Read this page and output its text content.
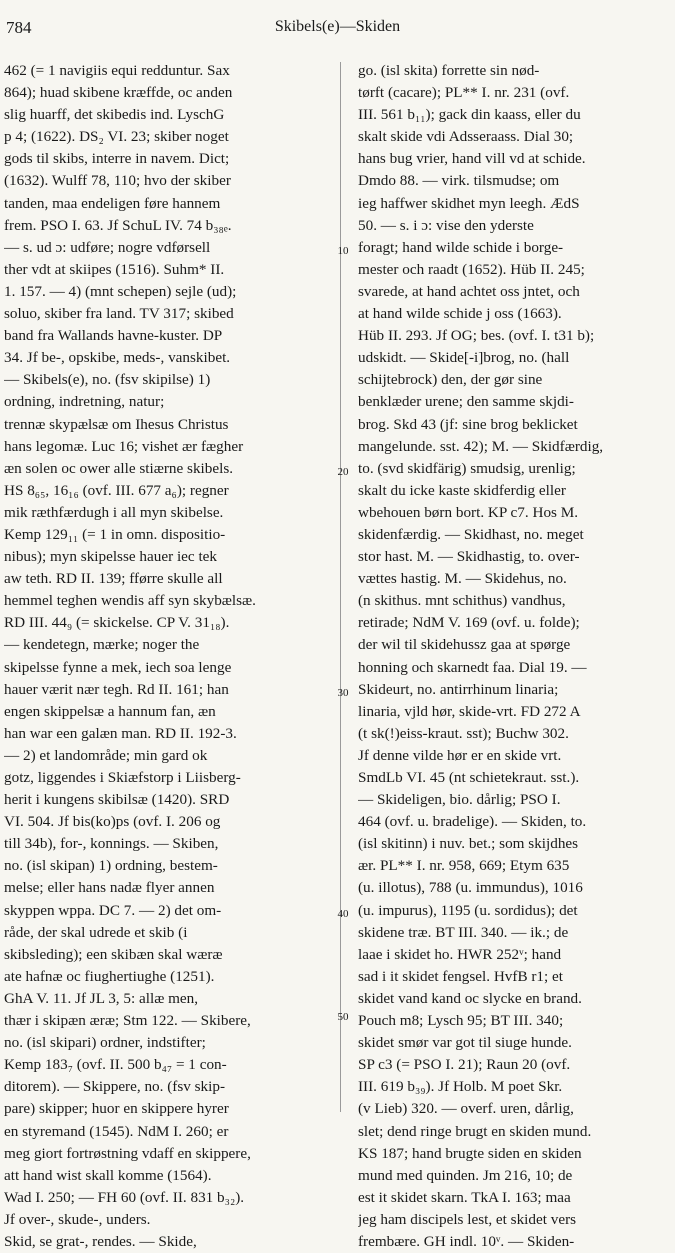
784	Skibels(e)—Skiden
462 (= 1 navigiis equi redduntur. Sax
864); huad skibene kræffde, oc anden
slig huarff, det skibedis ind. LyschG
p 4; (1622). DS₂ VI. 23; skiber noget
gods til skibs, interre in navem. Dict;
(1632). Wulff 78, 110; hvo der skiber
tanden, maa endeligen føre hannem
frem. PSO I. 63. Jf SchuL IV. 74 b₃₈ₑ.
— s. ud ɔ: udføre; nogre vdførsell
ther vdt at skiipes (1516). Suhm* II.
1. 157. — 4) (mnt schepen) sejle (ud);
soluo, skiber fra land. TV 317; skibed
band fra Wallands havne-kuster. DP
34. Jf be-, opskibe, meds-, vanskibet.
— Skibels(e), no. (fsv skipilse) 1)
ordning, indretning, natur;
trennæ skypælsæ om Ihesus Christus
hans legomæ. Luc 16; vishet ær fægher
æn solen oc ower alle stiærne skibels.
HS 8₆₅, 16₁₆ (ovf. III. 677 a₆); regner
mik ræthfærdugh i all myn skibelse.
Kemp 129₁₁ (= 1 in omn. dispositio-
nibus); myn skipelsse hauer iec tek
aw teth. RD II. 139; fførre skulle all
hemmel teghen wendis aff syn skybælsæ.
RD III. 44₉ (= skickelse. CP V. 31₁₈).
— kendetegn, mærke; noger the
skipelsse fynne a mek, iech soa lenge
hauer værit nær tegh. Rd II. 161; han
engen skippelsæ a hannum fan, æn
han war een galæn man. RD II. 192-3.
— 2) et landområde; min gard ok
gotz, liggendes i Skiæfstorp i Liisberg-
herit i kungens skibilsæ (1420). SRD
VI. 504. Jf bis(ko)ps (ovf. I. 206 og
till 34b), for-, konnings. — Skiben,
no. (isl skipan) 1) ordning, bestem-
melse; eller hans nadæ flyer annen
skyppen wppa. DC 7. — 2) det om-
råde, der skal udrede et skib (i
skibsleding); een skibæn skal wæræ
ate hafnæ oc fiughertiughe (1251).
GhA V. 11. Jf JL 3, 5: allæ men,
thær i skipæn æræ; Stm 122. — Skibere,
no. (isl skipari) ordner, indstifter;
Kemp 183₇ (ovf. II. 500 b₄₇ = 1 con-
ditorem). — Skippere, no. (fsv skip-
pare) skipper; huor en skippere hyrer
en styremand (1545). NdM I. 260; er
meg giort fortrøstning vdaff en skippere,
att hand wist skall komme (1564).
Wad I. 250; — FH 60 (ovf. II. 831 b₃₂).
Jf over-, skude-, unders.
Skid, se grat-, rendes. — Skide,
10
20
30
40
50
go. (isl skita) forrette sin nød-
tørft (cacare); PL** I. nr. 231 (ovf.
III. 561 b₁₁); gack din kaass, eller du
skalt skide vdi Adsseraass. Dial 30;
hans bug vrier, hand vill vd at schide.
Dmdo 88. — virk. tilsmudse; om
ieg haffwer skidhet myn leegh. ÆdS
50. — s. i ɔ: vise den yderste
foragt; hand wilde schide i borge-
mester och raadt (1652). Hüb II. 245;
svarede, at hand achtet oss jntet, och
at hand wilde schide j oss (1663).
Hüb II. 293. Jf OG; bes. (ovf. I. t31 b);
udskidt. — Skide[-i]brog, no. (hall
schijtebrock) den, der gør sine
benklæder urene; den samme skjdi-
brog. Skd 43 (jf: sine brog beklicket
mangelunde. sst. 42); M. — Skidfærdig,
to. (svd skidfärig) smudsig, urenlig;
skalt du icke kaste skidferdig eller
wbehouen børn bort. KP c7. Hos M.
skidenfærdig. — Skidhast, no. meget
stor hast. M. — Skidhastig, to. over-
vættes hastig. M. — Skidehus, no.
(n skithus. mnt schithus) vandhus,
retirade; NdM V. 169 (ovf. u. folde);
der wil til skidehussz gaa at spørge
honning och skarnedt faa. Dial 19. —
Skideurt, no. antirrhinum linaria;
linaria, vjld hør, skide-vrt. FD 272 A
(t sk(!)eiss-kraut. sst); Buchw 302.
Jf denne vilde hør er en skide vrt.
SmdLb VI. 45 (nt schietekraut. sst.).
— Skideligen, bio. dårlig; PSO I.
464 (ovf. u. bradelige). — Skiden, to.
(isl skitinn) i nuv. bet.; som skijdhes
ær. PL** I. nr. 958, 669; Etym 635
(u. illotus), 788 (u. immundus), 1016
(u. impurus), 1195 (u. sordidus); det
skidene træ. BT III. 340. — ik.; de
laae i skidet ho. HWR 252ᵛ; hand
sad i it skidet fengsel. HvfB r1; et
skidet vand kand oc slycke en brand.
Pouch m8; Lysch 95; BT III. 340;
skidet smør var got til siuge hunde.
SP c3 (= PSO I. 21); Raun 20 (ovf.
III. 619 b₃₉). Jf Holb. M poet Skr.
(v Lieb) 320. — overf. uren, dårlig,
slet; dend ringe brugt en skiden mund.
KS 187; hand brugte siden en skiden
mund med quinden. Jm 216, 10; de
est it skidet skarn. TkA I. 163; maa
jeg ham discipels lest, et skidet vers
frembære. GH indl. 10ᵛ. — Skiden-
